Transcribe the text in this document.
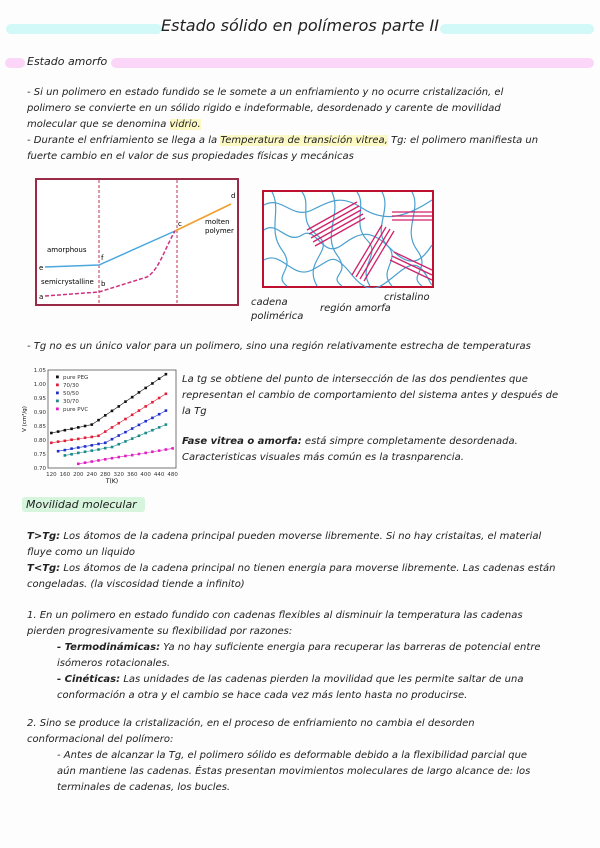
Estado sólido en polímeros parte II
Estado amorfo
- Si un polimero en estado fundido se le somete a un enfriamiento y no ocurre cristalización, el
polimero se convierte en un sólido rigido e indeformable, desordenado y carente de movilidad
molecular que se denomina vidrio.
- Durante el enfriamiento se llega a la Temperatura de transición vitrea, Tg: el polimero manifiesta un
fuerte cambio en el valor de sus propiedades físicas y mecánicas
amorphous
semicrystalline
molten
polymer
a
b
c
d
e
f
cadena
polimérica
región amorfa
cristalino
- Tg no es un único valor para un polimero, sino una región relativamente estrecha de temperaturas
120 160 200 240 280 320 360 400 440 480
0.70
0.75
0.80
0.85
0.90
0.95
1.00
1.05
T(K)
V (cm³/g)
pure PEG
70/30
50/50
30/70
pure PVC
La tg se obtiene del punto de intersección de las dos pendientes que
representan el cambio de comportamiento del sistema antes y después de
la Tg
Fase vitrea o amorfa: está simpre completamente desordenada.
Caracteristicas visuales más común es la trasnparencia.
Movilidad molecular
T>Tg: Los átomos de la cadena principal pueden moverse libremente. Si no hay cristaitas, el material
fluye como un liquido
T<Tg: Los átomos de la cadena principal no tienen energia para moverse libremente. Las cadenas están
congeladas. (la viscosidad tiende a infinito)
1. En un polimero en estado fundido con cadenas flexibles al disminuir la temperatura las cadenas
pierden progresivamente su flexibilidad por razones:
- Termodinámicas: Ya no hay suficiente energia para recuperar las barreras de potencial entre
isómeros rotacionales.
- Cinéticas: Las unidades de las cadenas pierden la movilidad que les permite saltar de una
conformación a otra y el cambio se hace cada vez más lento hasta no producirse.
2. Sino se produce la cristalización, en el proceso de enfriamiento no cambia el desorden
conformacional del polímero:
- Antes de alcanzar la Tg, el polimero sólido es deformable debido a la flexibilidad parcial que
aún mantiene las cadenas. Éstas presentan movimientos moleculares de largo alcance de: los
terminales de cadenas, los bucles.
